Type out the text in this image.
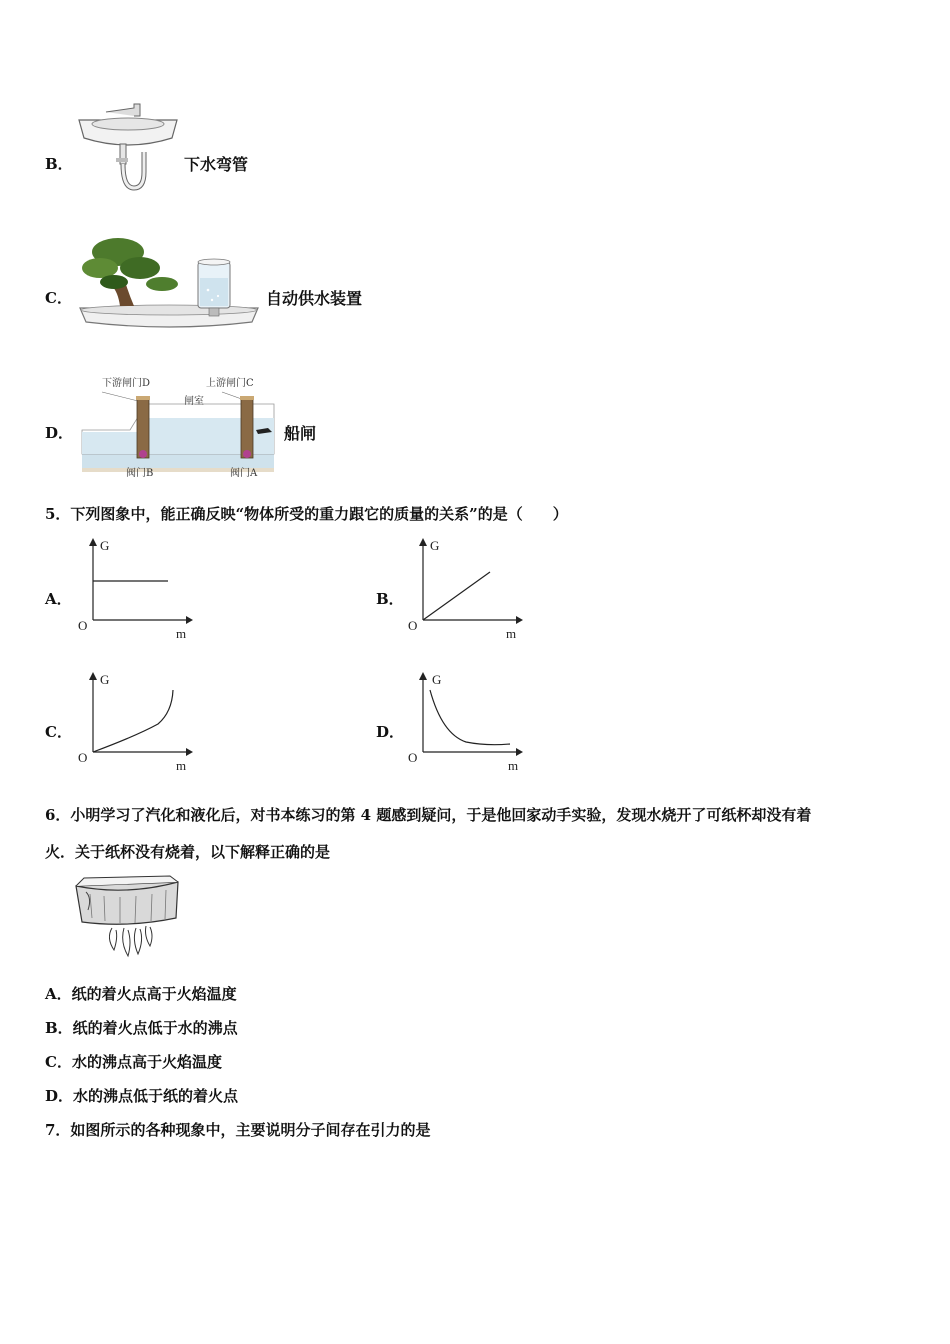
B．	下水弯管
C．	自动供水装置
D．
下游闸门D	上游闸门C
闸室
阀门B	阀门A
船闸
5．下列图象中，能正确反映“物体所受的重力跟它的质量的关系”的是（　　）
A．	B．
C．	D．
G
m
O
G
m
O
G
m
O
G
m
O
6．小明学习了汽化和液化后，对书本练习的第 4 题感到疑问，于是他回家动手实验，发现水烧开了可纸杯却没有着
火．关于纸杯没有烧着，以下解释正确的是
A．纸的着火点高于火焰温度
B．纸的着火点低于水的沸点
C．水的沸点高于火焰温度
D．水的沸点低于纸的着火点
7．如图所示的各种现象中，主要说明分子间存在引力的是
